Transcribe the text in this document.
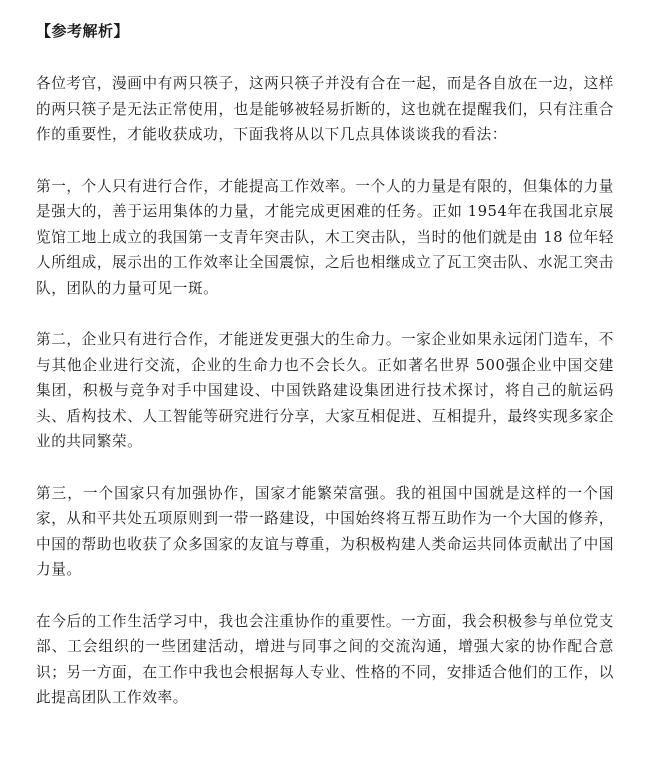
【参考解析】

各位考官，漫画中有两只筷子，这两只筷子并没有合在一起，而是各自放在一边，这样的两只筷子是无法正常使用，也是能够被轻易折断的，这也就在提醒我们，只有注重合作的重要性，才能收获成功，下面我将从以下几点具体谈谈我的看法：

第一，个人只有进行合作，才能提高工作效率。一个人的力量是有限的，但集体的力量是强大的，善于运用集体的力量，才能完成更困难的任务。正如 1954年在我国北京展览馆工地上成立的我国第一支青年突击队，木工突击队，当时的他们就是由 18 位年轻人所组成，展示出的工作效率让全国震惊，之后也相继成立了瓦工突击队、水泥工突击队，团队的力量可见一斑。

第二，企业只有进行合作，才能迸发更强大的生命力。一家企业如果永远闭门造车，不与其他企业进行交流，企业的生命力也不会长久。正如著名世界 500强企业中国交建集团，积极与竞争对手中国建设、中国铁路建设集团进行技术探讨，将自己的航运码头、盾构技术、人工智能等研究进行分享，大家互相促进、互相提升，最终实现多家企业的共同繁荣。

第三，一个国家只有加强协作，国家才能繁荣富强。我的祖国中国就是这样的一个国家，从和平共处五项原则到一带一路建设，中国始终将互帮互助作为一个大国的修养，中国的帮助也收获了众多国家的友谊与尊重，为积极构建人类命运共同体贡献出了中国力量。

在今后的工作生活学习中，我也会注重协作的重要性。一方面，我会积极参与单位党支部、工会组织的一些团建活动，增进与同事之间的交流沟通，增强大家的协作配合意识；另一方面，在工作中我也会根据每人专业、性格的不同，安排适合他们的工作，以此提高团队工作效率。
